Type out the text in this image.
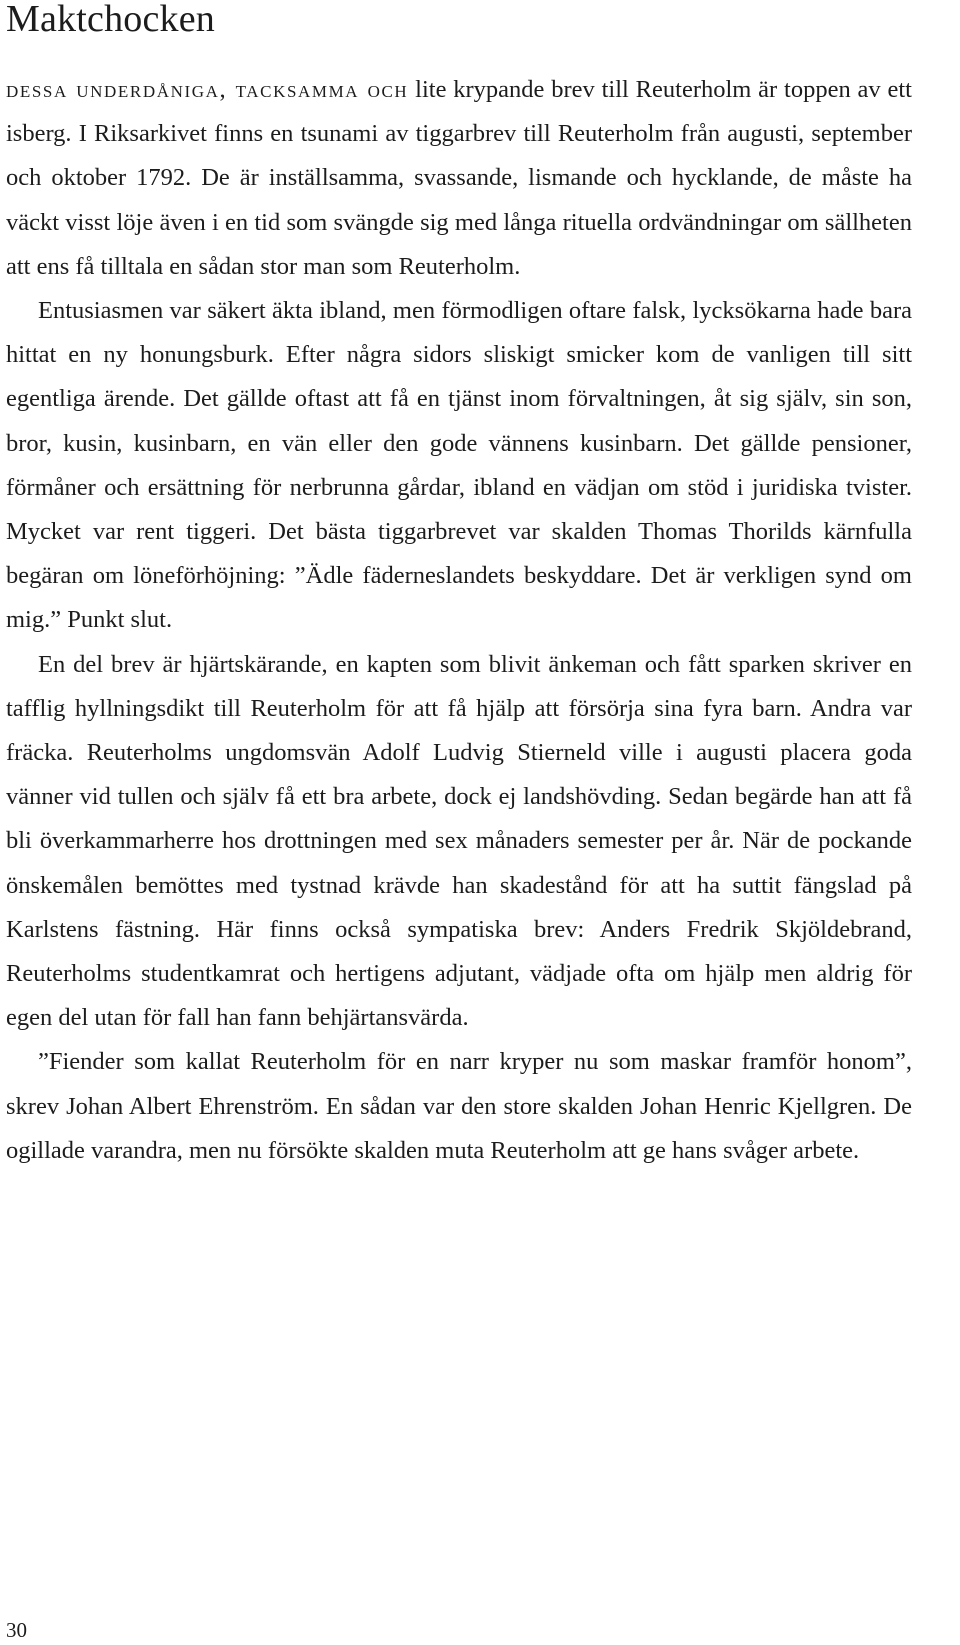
Maktchocken

dessa underdåniga, tacksamma och lite krypande brev till Reuterholm är toppen av ett isberg. I Riksarkivet finns en tsunami av tiggarbrev till Reuterholm från augusti, september och oktober 1792. De är inställsamma, svassande, lismande och hycklande, de måste ha väckt visst löje även i en tid som svängde sig med långa rituella ordvändningar om sällheten att ens få tilltala en sådan stor man som Reuterholm.

Entusiasmen var säkert äkta ibland, men förmodligen oftare falsk, lycksökarna hade bara hittat en ny honungsburk. Efter några sidors sliskigt smicker kom de vanligen till sitt egentliga ärende. Det gällde oftast att få en tjänst inom förvaltningen, åt sig själv, sin son, bror, kusin, kusinbarn, en vän eller den gode vännens kusinbarn. Det gällde pensioner, förmåner och ersättning för nerbrunna gårdar, ibland en vädjan om stöd i juridiska tvister. Mycket var rent tiggeri. Det bästa tiggarbrevet var skalden Thomas Thorilds kärnfulla begäran om löneförhöjning: ”Ädle fäderneslandets beskyddare. Det är verkligen synd om mig.” Punkt slut.

En del brev är hjärtskärande, en kapten som blivit änkeman och fått sparken skriver en tafflig hyllningsdikt till Reuterholm för att få hjälp att försörja sina fyra barn. Andra var fräcka. Reuterholms ungdomsvän Adolf Ludvig Stierneld ville i augusti placera goda vänner vid tullen och själv få ett bra arbete, dock ej landshövding. Sedan begärde han att få bli överkammarherre hos drottningen med sex månaders semester per år. När de pockande önskemålen bemöttes med tystnad krävde han skadestånd för att ha suttit fängslad på Karlstens fästning. Här finns också sympatiska brev: Anders Fredrik Skjöldebrand, Reuterholms studentkamrat och hertigens adjutant, vädjade ofta om hjälp men aldrig för egen del utan för fall han fann behjärtansvärda.

”Fiender som kallat Reuterholm för en narr kryper nu som maskar framför honom”, skrev Johan Albert Ehrenström. En sådan var den store skalden Johan Henric Kjellgren. De ogillade varandra, men nu försökte skalden muta Reuterholm att ge hans svåger arbete.

30
